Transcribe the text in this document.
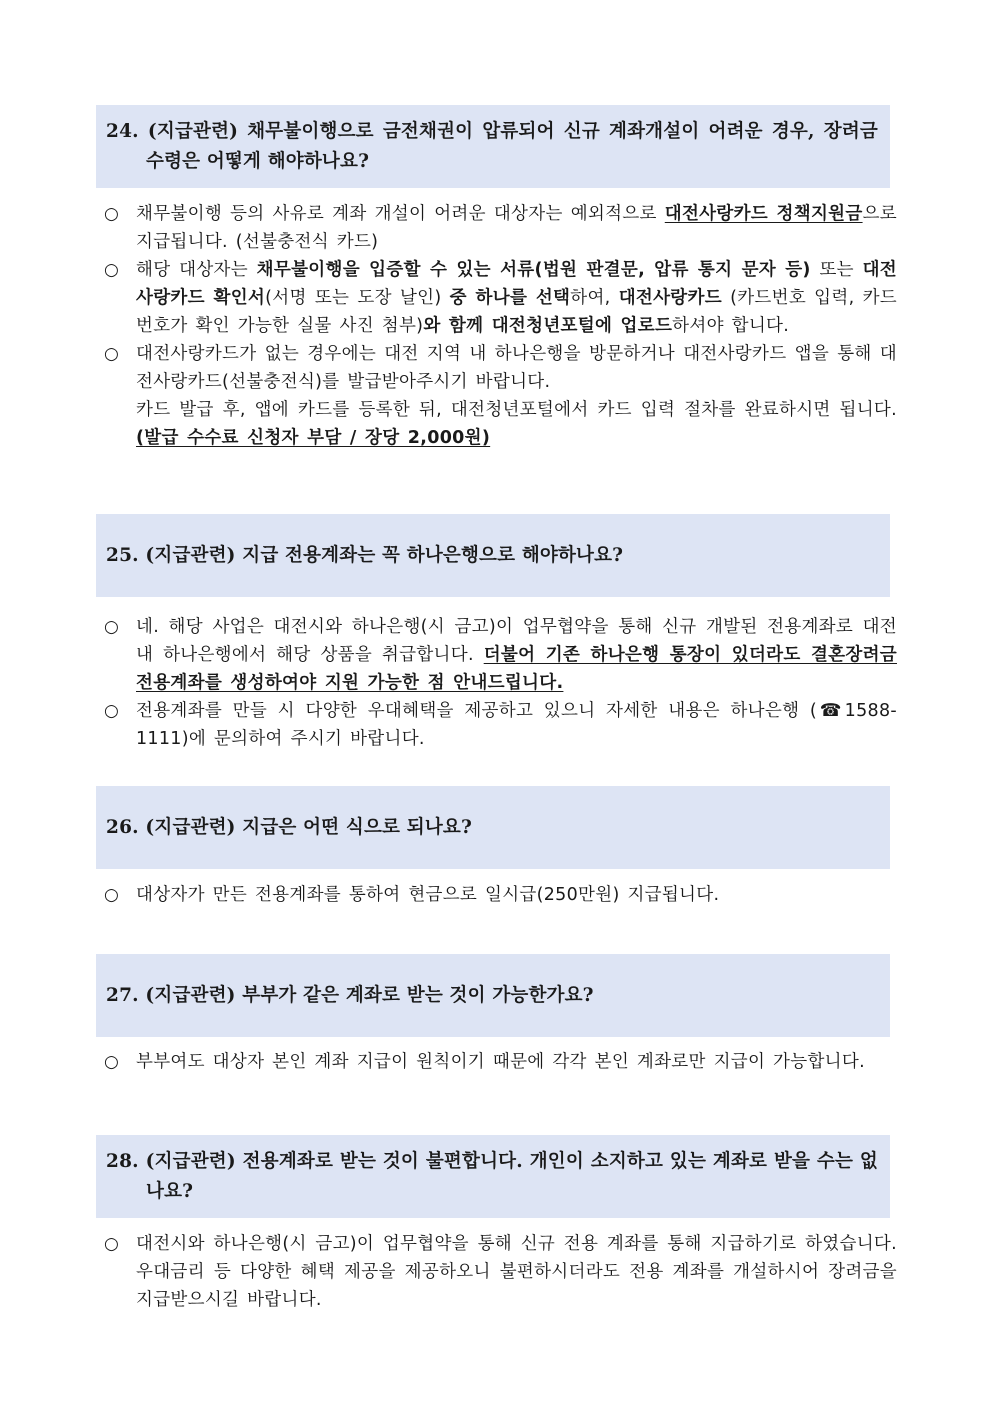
24. (지급관련) 채무불이행으로 금전채권이 압류되어 신규 계좌개설이 어려운 경우, 장려금 수령은 어떻게 해야하나요?

○ 채무불이행 등의 사유로 계좌 개설이 어려운 대상자는 예외적으로 대전사랑카드 정책지원금으로 지급됩니다. (선불충전식 카드)
○ 해당 대상자는 채무불이행을 입증할 수 있는 서류(법원 판결문, 압류 통지 문자 등) 또는 대전사랑카드 확인서(서명 또는 도장 날인) 중 하나를 선택하여, 대전사랑카드 (카드번호 입력, 카드 번호가 확인 가능한 실물 사진 첨부)와 함께 대전청년포털에 업로드하셔야 합니다.
○ 대전사랑카드가 없는 경우에는 대전 지역 내 하나은행을 방문하거나 대전사랑카드 앱을 통해 대전사랑카드(선불충전식)를 발급받아주시기 바랍니다.
카드 발급 후, 앱에 카드를 등록한 뒤, 대전청년포털에서 카드 입력 절차를 완료하시면 됩니다. (발급 수수료 신청자 부담 / 장당 2,000원)

25. (지급관련) 지급 전용계좌는 꼭 하나은행으로 해야하나요?

○ 네. 해당 사업은 대전시와 하나은행(시 금고)이 업무협약을 통해 신규 개발된 전용계좌로 대전 내 하나은행에서 해당 상품을 취급합니다. 더불어 기존 하나은행 통장이 있더라도 결혼장려금 전용계좌를 생성하여야 지원 가능한 점 안내드립니다.
○ 전용계좌를 만들 시 다양한 우대혜택을 제공하고 있으니 자세한 내용은 하나은행 (☎1588-1111)에 문의하여 주시기 바랍니다.

26. (지급관련) 지급은 어떤 식으로 되나요?

○ 대상자가 만든 전용계좌를 통하여 현금으로 일시급(250만원) 지급됩니다.

27. (지급관련) 부부가 같은 계좌로 받는 것이 가능한가요?

○ 부부여도 대상자 본인 계좌 지급이 원칙이기 때문에 각각 본인 계좌로만 지급이 가능합니다.

28. (지급관련) 전용계좌로 받는 것이 불편합니다. 개인이 소지하고 있는 계좌로 받을 수는 없나요?

○ 대전시와 하나은행(시 금고)이 업무협약을 통해 신규 전용 계좌를 통해 지급하기로 하였습니다. 우대금리 등 다양한 혜택 제공을 제공하오니 불편하시더라도 전용 계좌를 개설하시어 장려금을 지급받으시길 바랍니다.
